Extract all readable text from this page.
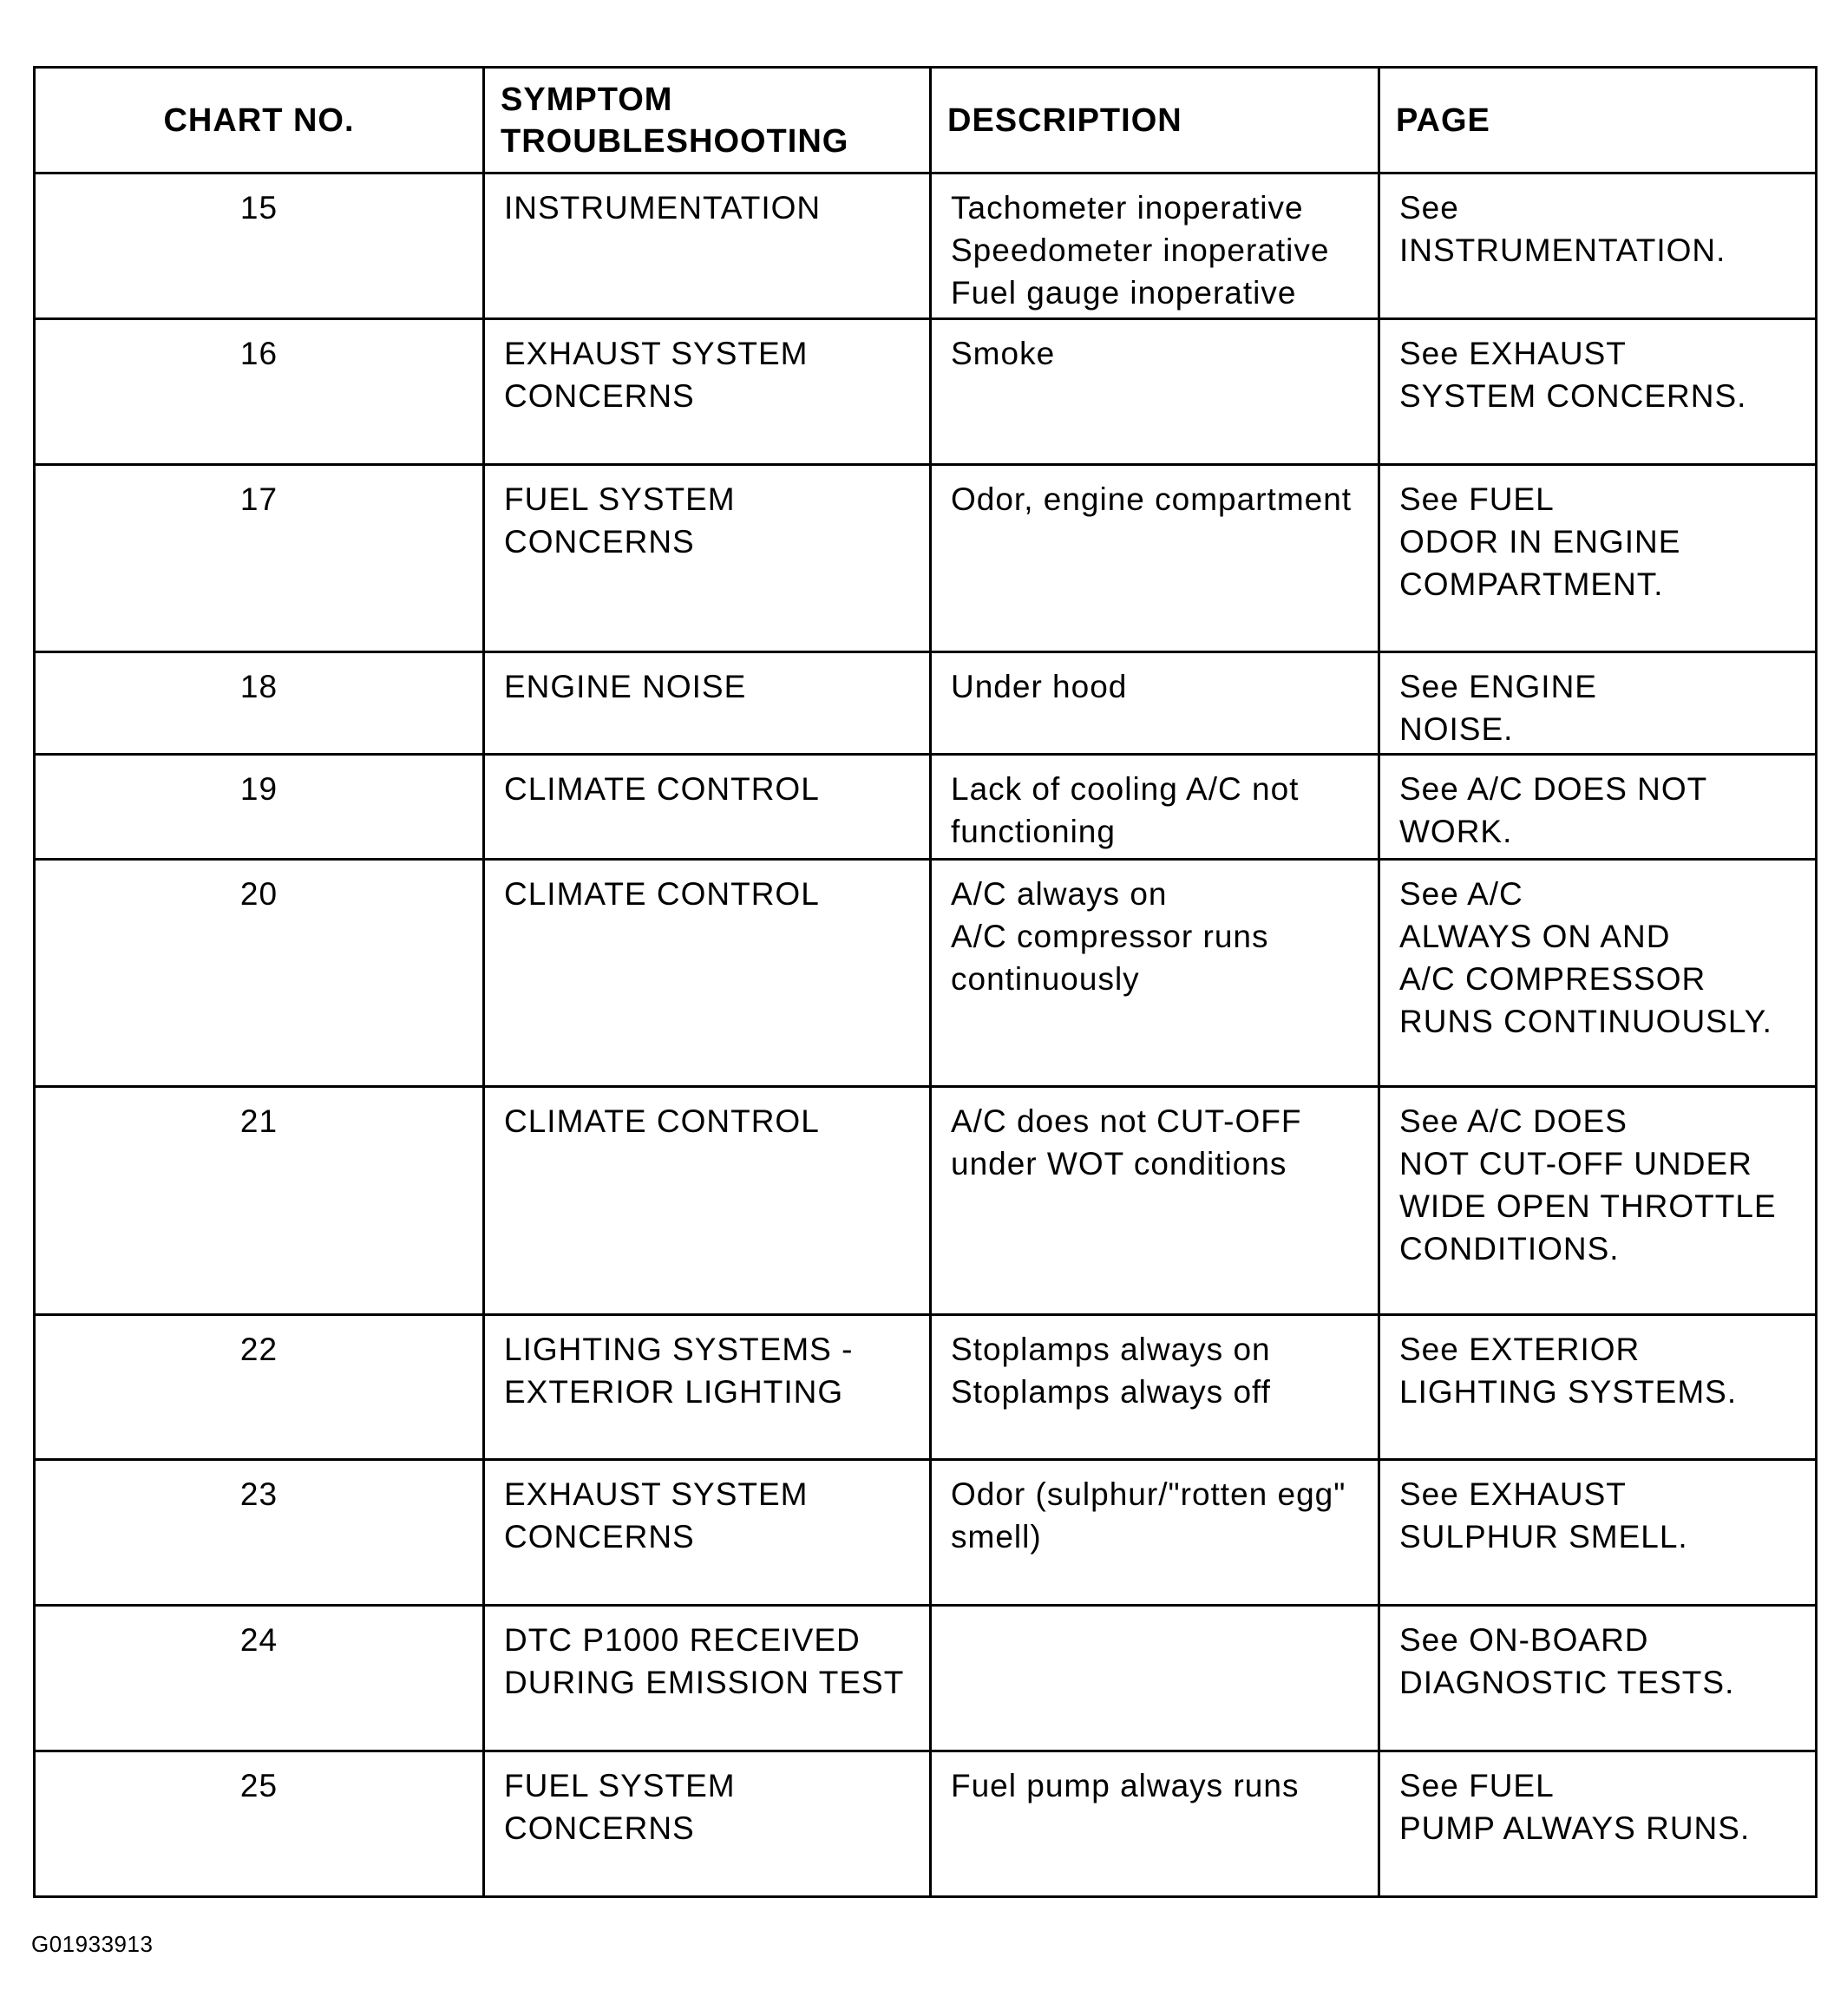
CHART NO.	SYMPTOM
TROUBLESHOOTING	DESCRIPTION	PAGE
15	INSTRUMENTATION	Tachometer inoperative
Speedometer inoperative
Fuel gauge inoperative	See
INSTRUMENTATION.
16	EXHAUST SYSTEM
CONCERNS	Smoke	See EXHAUST
SYSTEM CONCERNS.
17	FUEL SYSTEM
CONCERNS	Odor, engine compartment	See FUEL
ODOR IN ENGINE
COMPARTMENT.
18	ENGINE NOISE	Under hood	See ENGINE
NOISE.
19	CLIMATE CONTROL	Lack of cooling A/C not
functioning	See A/C DOES NOT
WORK.
20	CLIMATE CONTROL	A/C always on
A/C compressor runs
continuously	See A/C
ALWAYS ON AND
A/C COMPRESSOR
RUNS CONTINUOUSLY.
21	CLIMATE CONTROL	A/C does not CUT-OFF
under WOT conditions	See A/C DOES
NOT CUT-OFF UNDER
WIDE OPEN THROTTLE
CONDITIONS.
22	LIGHTING SYSTEMS -
EXTERIOR LIGHTING	Stoplamps always on
Stoplamps always off	See EXTERIOR
LIGHTING SYSTEMS.
23	EXHAUST SYSTEM
CONCERNS	Odor (sulphur/"rotten egg"
smell)	See EXHAUST
SULPHUR SMELL.
24	DTC P1000 RECEIVED
DURING EMISSION TEST		See ON-BOARD
DIAGNOSTIC TESTS.
25	FUEL SYSTEM
CONCERNS	Fuel pump always runs	See FUEL
PUMP ALWAYS RUNS.
G01933913
